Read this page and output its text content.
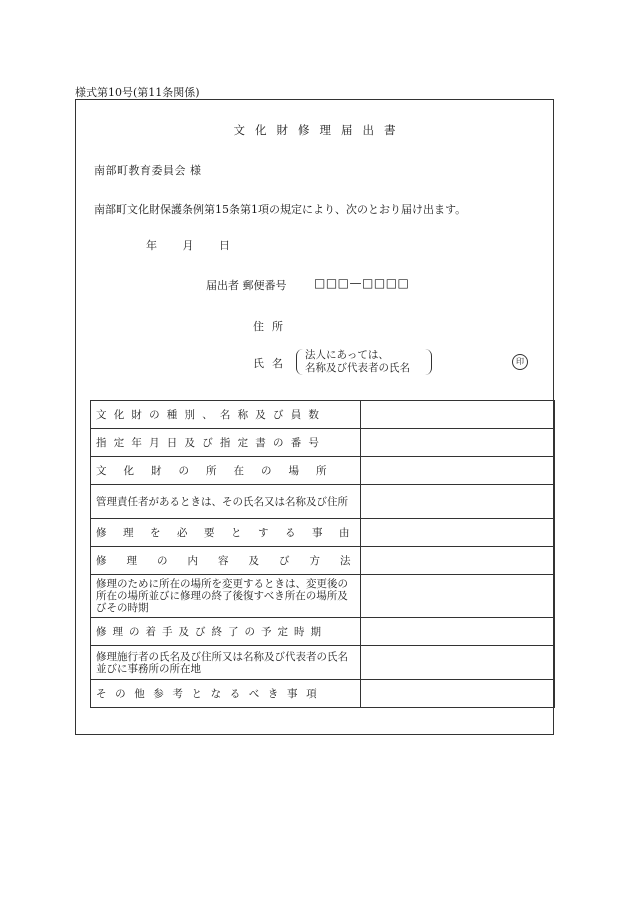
様式第10号(第11条関係)
文化財修理届出書
南部町教育委員会 様
南部町文化財保護条例第15条第1項の規定により、次のとおり届け出ます。
年 月 日
届出者 郵便番号 □□□—□□□□
住所
氏名
法人にあっては、
名称及び代表者の氏名
印
文化財の種別、名称及び員数	
指定年月日及び指定書の番号	
文化財の所在の場所	
管理責任者があるときは、その氏名又は名称及び住所	
修理を必要とする事由	
修理の内容及び方法	
修理のために所在の場所を変更するときは、変更後の所在の場所並びに修理の終了後復すべき所在の場所及びその時期	
修理の着手及び終了の予定時期	
修理施行者の氏名及び住所又は名称及び代表者の氏名並びに事務所の所在地	
その他参考となるべき事項	
